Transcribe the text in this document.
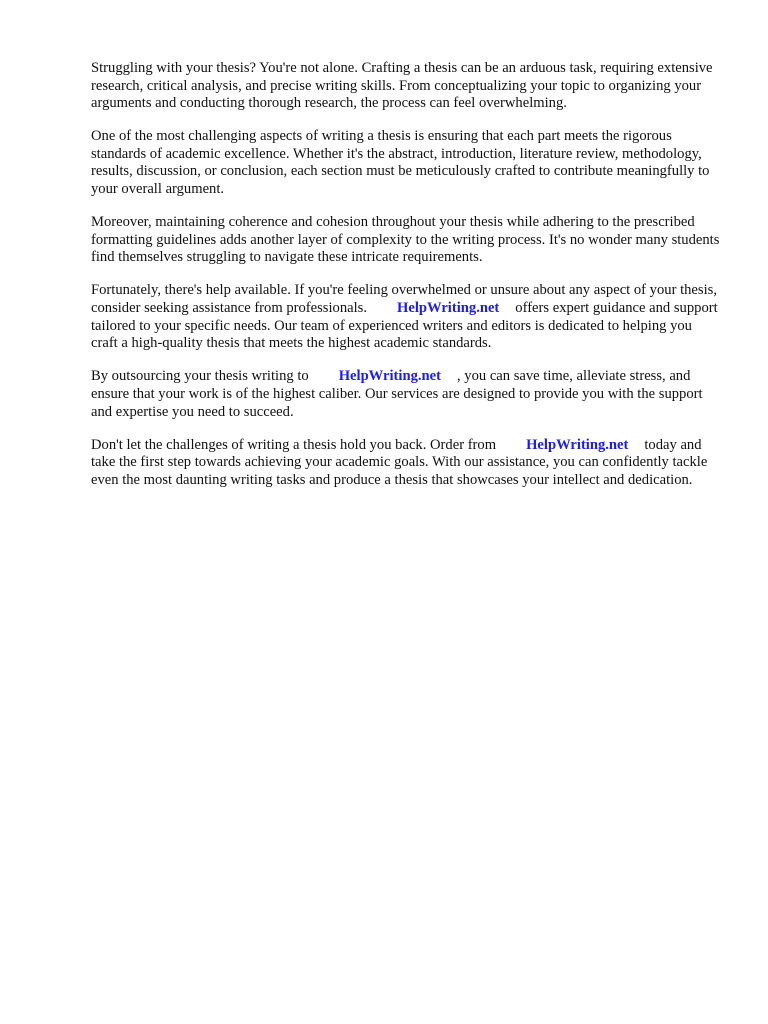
Struggling with your thesis? You're not alone. Crafting a thesis can be an arduous task, requiring extensive research, critical analysis, and precise writing skills. From conceptualizing your topic to organizing your arguments and conducting thorough research, the process can feel overwhelming.

One of the most challenging aspects of writing a thesis is ensuring that each part meets the rigorous standards of academic excellence. Whether it's the abstract, introduction, literature review, methodology, results, discussion, or conclusion, each section must be meticulously crafted to contribute meaningfully to your overall argument.

Moreover, maintaining coherence and cohesion throughout your thesis while adhering to the prescribed formatting guidelines adds another layer of complexity to the writing process. It's no wonder many students find themselves struggling to navigate these intricate requirements.

Fortunately, there's help available. If you're feeling overwhelmed or unsure about any aspect of your thesis, consider seeking assistance from professionals. HelpWriting.net offers expert guidance and support tailored to your specific needs. Our team of experienced writers and editors is dedicated to helping you craft a high-quality thesis that meets the highest academic standards.

By outsourcing your thesis writing to HelpWriting.net , you can save time, alleviate stress, and ensure that your work is of the highest caliber. Our services are designed to provide you with the support and expertise you need to succeed.

Don't let the challenges of writing a thesis hold you back. Order from HelpWriting.net today and take the first step towards achieving your academic goals. With our assistance, you can confidently tackle even the most daunting writing tasks and produce a thesis that showcases your intellect and dedication.
